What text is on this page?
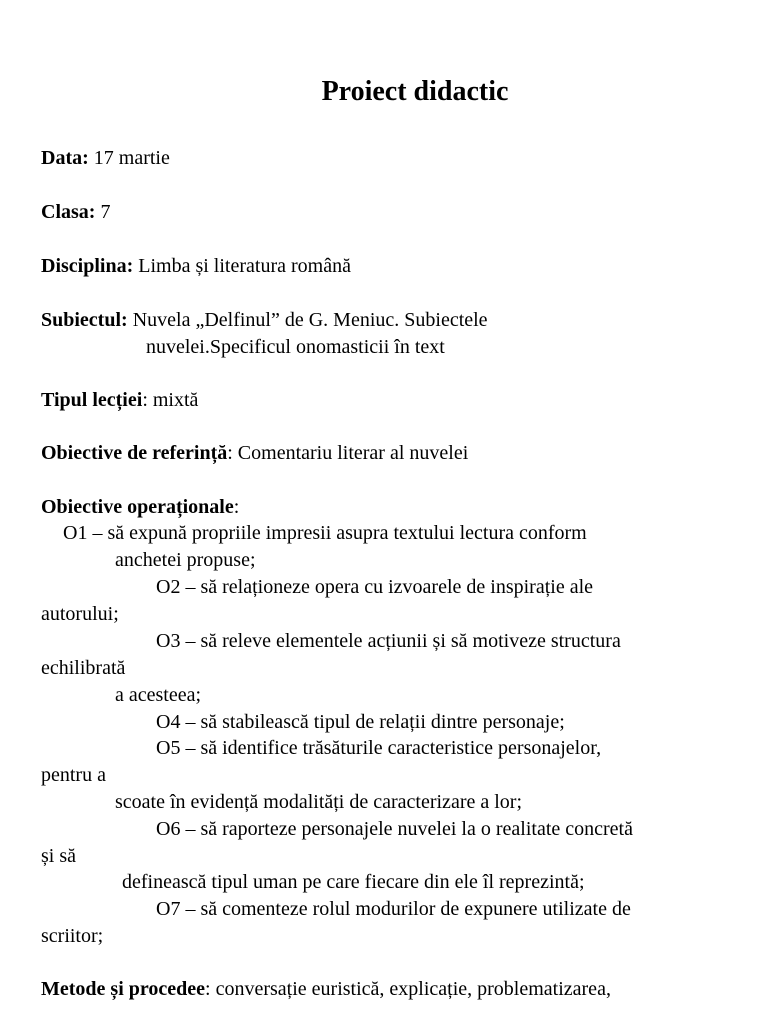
Proiect didactic
Data: 17 martie
Clasa: 7
Disciplina: Limba și literatura română
Subiectul: Nuvela „Delfinul” de G. Meniuc. Subiectele
nuvelei.Specificul onomasticii în text
Tipul lecției: mixtă
Obiective de referință: Comentariu literar al nuvelei
Obiective operaționale:
O1 – să expună propriile impresii asupra textului lectura conform
anchetei propuse;
O2 – să relaționeze opera cu izvoarele de inspirație ale
autorului;
O3 – să releve elementele acțiunii și să motiveze structura
echilibrată
a acesteea;
O4 – să stabilească tipul de relații dintre personaje;
O5 – să identifice trăsăturile caracteristice personajelor,
pentru a
scoate în evidență modalități de caracterizare a lor;
O6 – să raporteze personajele nuvelei la o realitate concretă
și să
definească tipul uman pe care fiecare din ele îl reprezintă;
O7 – să comenteze rolul modurilor de expunere utilizate de
scriitor;
Metode și procedee: conversație euristică, explicație, problematizarea,
